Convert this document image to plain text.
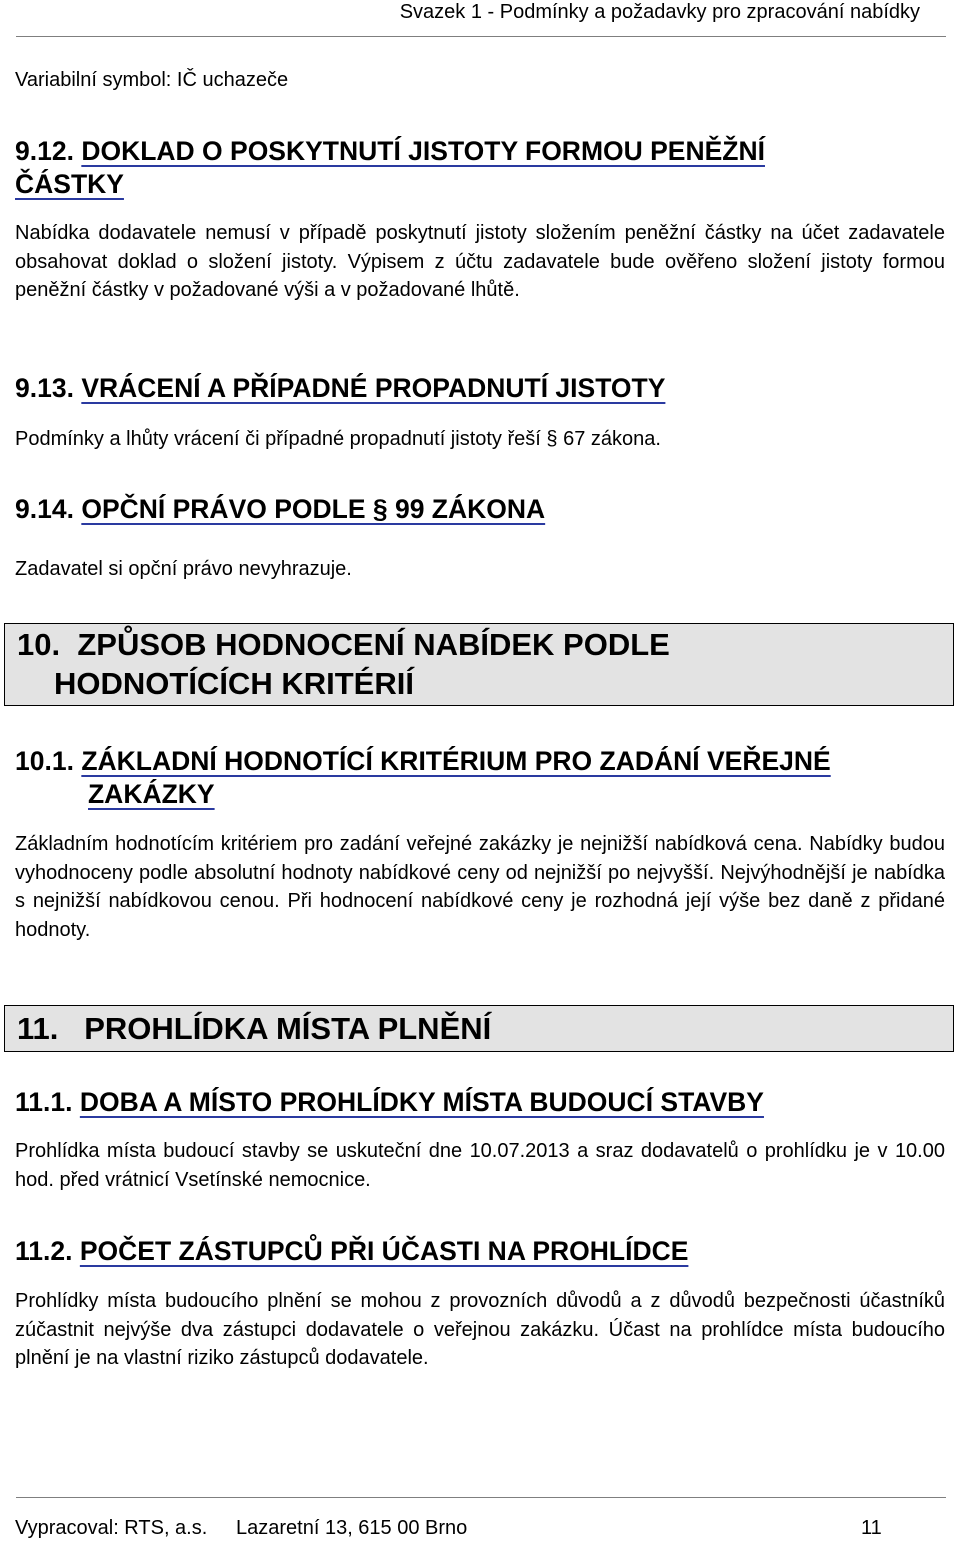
Svazek 1 - Podmínky a požadavky pro zpracování nabídky

Variabilní symbol: IČ uchazeče

9.12. DOKLAD O POSKYTNUTÍ JISTOTY FORMOU PENĚŽNÍ
ČÁSTKY

Nabídka dodavatele nemusí v případě poskytnutí jistoty složením peněžní částky na účet zadavatele obsahovat doklad o složení jistoty. Výpisem z účtu zadavatele bude ověřeno složení jistoty formou peněžní částky v požadované výši a v požadované lhůtě.

9.13. VRÁCENÍ A PŘÍPADNÉ PROPADNUTÍ JISTOTY

Podmínky a lhůty vrácení či případné propadnutí jistoty řeší § 67 zákona.

9.14. OPČNÍ PRÁVO PODLE § 99 ZÁKONA

Zadavatel si opční právo nevyhrazuje.

10. ZPŮSOB HODNOCENÍ NABÍDEK PODLE
HODNOTÍCÍCH KRITÉRIÍ
10.1. ZÁKLADNÍ HODNOTÍCÍ KRITÉRIUM PRO ZADÁNÍ VEŘEJNÉ
ZAKÁZKY

Základním hodnotícím kritériem pro zadání veřejné zakázky je nejnižší nabídková cena. Nabídky budou vyhodnoceny podle absolutní hodnoty nabídkové ceny od nejnižší po nejvyšší. Nejvýhodnější je nabídka s nejnižší nabídkovou cenou. Při hodnocení nabídkové ceny je rozhodná její výše bez daně z přidané hodnoty.

11. PROHLÍDKA MÍSTA PLNĚNÍ
11.1. DOBA A MÍSTO PROHLÍDKY MÍSTA BUDOUCÍ STAVBY

Prohlídka místa budoucí stavby se uskuteční dne 10.07.2013 a sraz dodavatelů o prohlídku je v 10.00 hod. před vrátnicí Vsetínské nemocnice.

11.2. POČET ZÁSTUPCŮ PŘI ÚČASTI NA PROHLÍDCE

Prohlídky místa budoucího plnění se mohou z provozních důvodů a z důvodů bezpečnosti účastníků zúčastnit nejvýše dva zástupci dodavatele o veřejnou zakázku. Účast na prohlídce místa budoucího plnění je na vlastní riziko zástupců dodavatele.

Vypracoval: RTS, a.s. Lazaretní 13, 615 00 Brno	11
